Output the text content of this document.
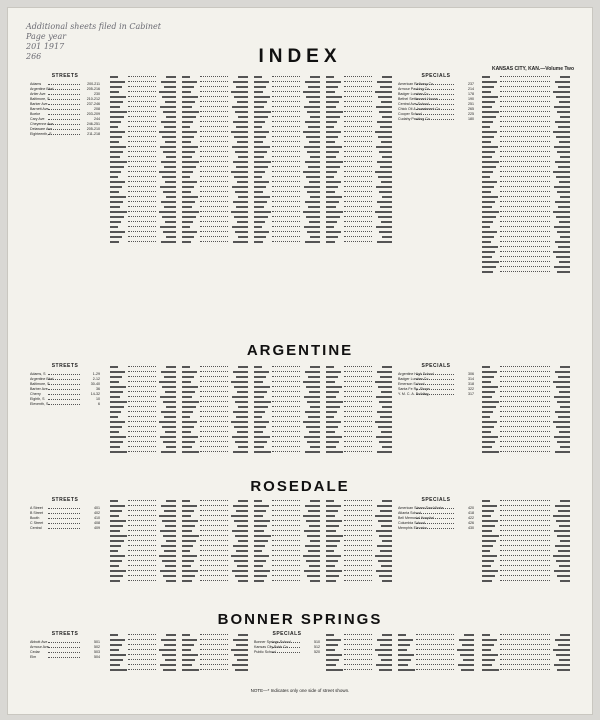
Additional sheets filed in Cabinet
Page year
201 1917
266
KANSAS CITY, KAN.—Volume Two
INDEX
STREETS
Adams	200-211
Argentine Blvd	205-216
Artier Ave	230
Baltimore, S	210-212
Barker Ave	237-246
Barnett Ave	208
Boeke	203-209
Cary Ave	244
Cheyenne Ave	246-251
Delaware Ave	205-210
Eighteenth, S	211-218
SPECIALS
American Refinery Co	237
Armour Packing Co	214
Badger Lumber Co	178
Bethel Settlement House	190
Central Ave School	251
Chick Oil & Investment Co	265
Cooper School	225
Cudahy Packing Co	180
ARGENTINE
STREETS
Adams, S	1-29
Argentine Blvd	2-12
Baltimore, S	30-40
Barber Ave	36
Cherry	14-32
Eighth, S	10
Eleventh, S	6
SPECIALS
Argentine High School	306
Badger Lumber Co	314
Emerson School	318
Santa Fe Ry. Shops	322
Y. M. C. A. Building	317
ROSEDALE
STREETS
A Street	401
B Street	402
Booth	410
C Street	408
Central	409
SPECIALS
American Steam Saw Works	420
Atlanta School	418
Bell Memorial Hospital	422
Columbia School	426
Memphis Elevator	430
BONNER SPRINGS
STREETS
Abbott Ave	501
Armour Ave	502
Cedar	503
Elm	504
SPECIALS
Bonner Springs School	510
Kansas City Brick Co	512
Public School	520
NOTE—* Indicates only one side of street shown.
